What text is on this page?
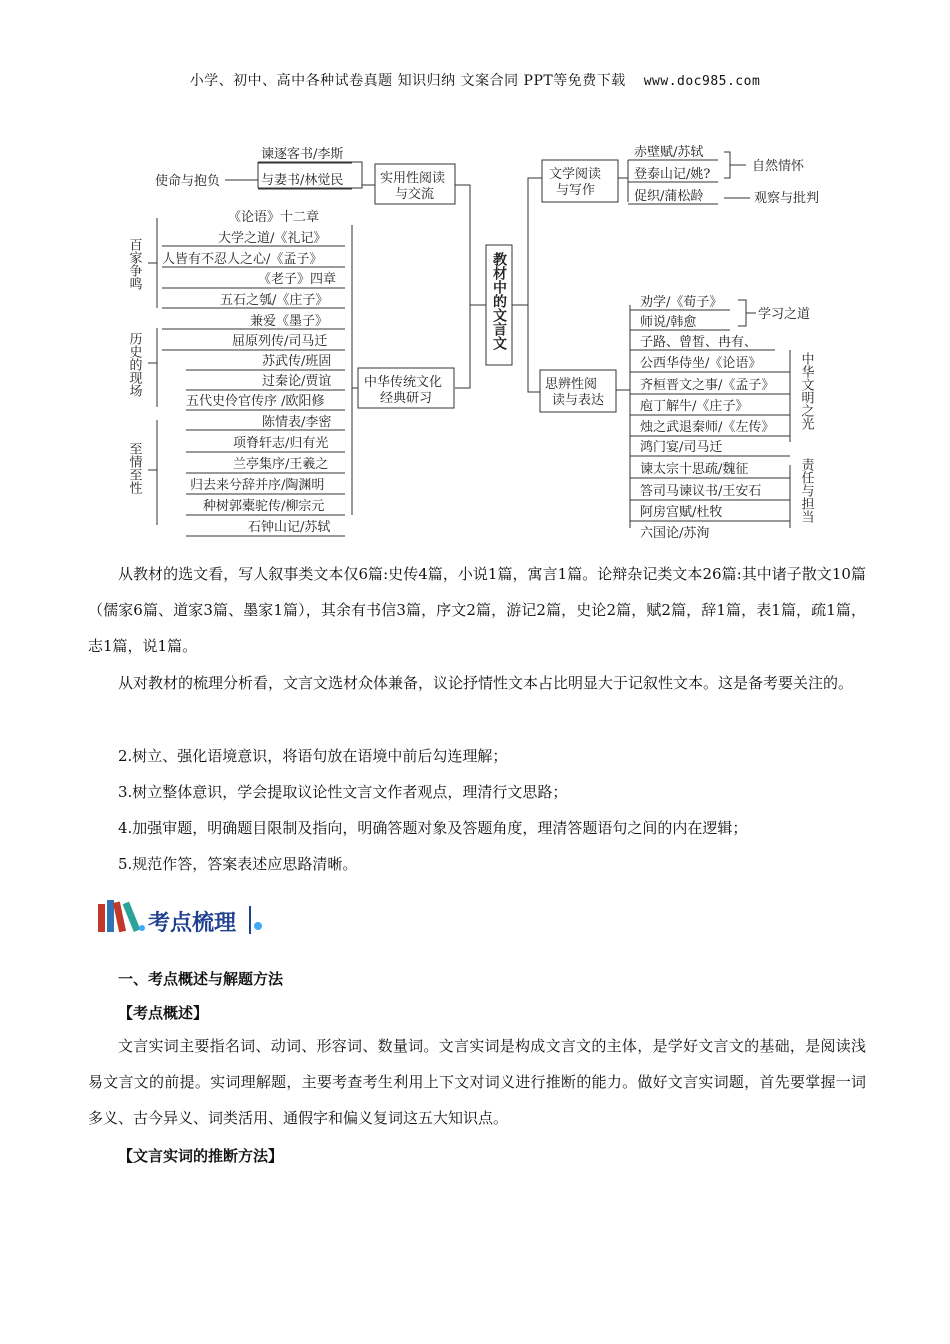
小学、初中、高中各种试卷真题 知识归纳 文案合同 PPT等免费下载 www.doc985.com
教材中的文言文
实用性阅读
与交流
使命与抱负
谏逐客书/李斯
与妻书/林觉民
中华传统文化
经典研习
百家争鸣
历史的现场
至情至性
《论语》十二章
大学之道/《礼记》
人皆有不忍人之心/《孟子》
《老子》四章
五石之瓠/《庄子》
兼爱《墨子》
屈原列传/司马迁
苏武传/班固
过秦论/贾谊
五代史伶官传序 /欧阳修
陈情表/李密
项脊轩志/归有光
兰亭集序/王羲之
归去来兮辞并序/陶渊明
种树郭橐驼传/柳宗元
石钟山记/苏轼
文学阅读
与写作
赤壁赋/苏轼
登泰山记/姚?
促织/蒲松龄
自然情怀
观察与批判
思辨性阅
读与表达
劝学/《荀子》
师说/韩愈
子路、曾皙、冉有、
公西华侍坐/《论语》
齐桓晋文之事/《孟子》
庖丁解牛/《庄子》
烛之武退秦师/《左传》
鸿门宴/司马迁
谏太宗十思疏/魏征
答司马谏议书/王安石
阿房宫赋/杜牧
六国论/苏洵
学习之道
中华文明之光
责任与担当
从教材的选文看，写人叙事类文本仅6篇:史传4篇，小说1篇，寓言1篇。论辩杂记类文本26篇:其中诸子散文10篇（儒家6篇、道家3篇、墨家1篇），其余有书信3篇，序文2篇，游记2篇，史论2篇，赋2篇，辞1篇，表1篇，疏1篇，志1篇，说1篇。
从对教材的梳理分析看，文言文选材众体兼备，议论抒情性文本占比明显大于记叙性文本。这是备考要关注的。
2.树立、强化语境意识，将语句放在语境中前后勾连理解；
3.树立整体意识，学会提取议论性文言文作者观点，理清行文思路；
4.加强审题，明确题目限制及指向，明确答题对象及答题角度，理清答题语句之间的内在逻辑；
5.规范作答，答案表述应思路清晰。
考点梳理
一、考点概述与解题方法
【考点概述】
文言实词主要指名词、动词、形容词、数量词。文言实词是构成文言文的主体，是学好文言文的基础，是阅读浅易文言文的前提。实词理解题，主要考查考生利用上下文对词义进行推断的能力。做好文言实词题，首先要掌握一词多义、古今异义、词类活用、通假字和偏义复词这五大知识点。
【文言实词的推断方法】
